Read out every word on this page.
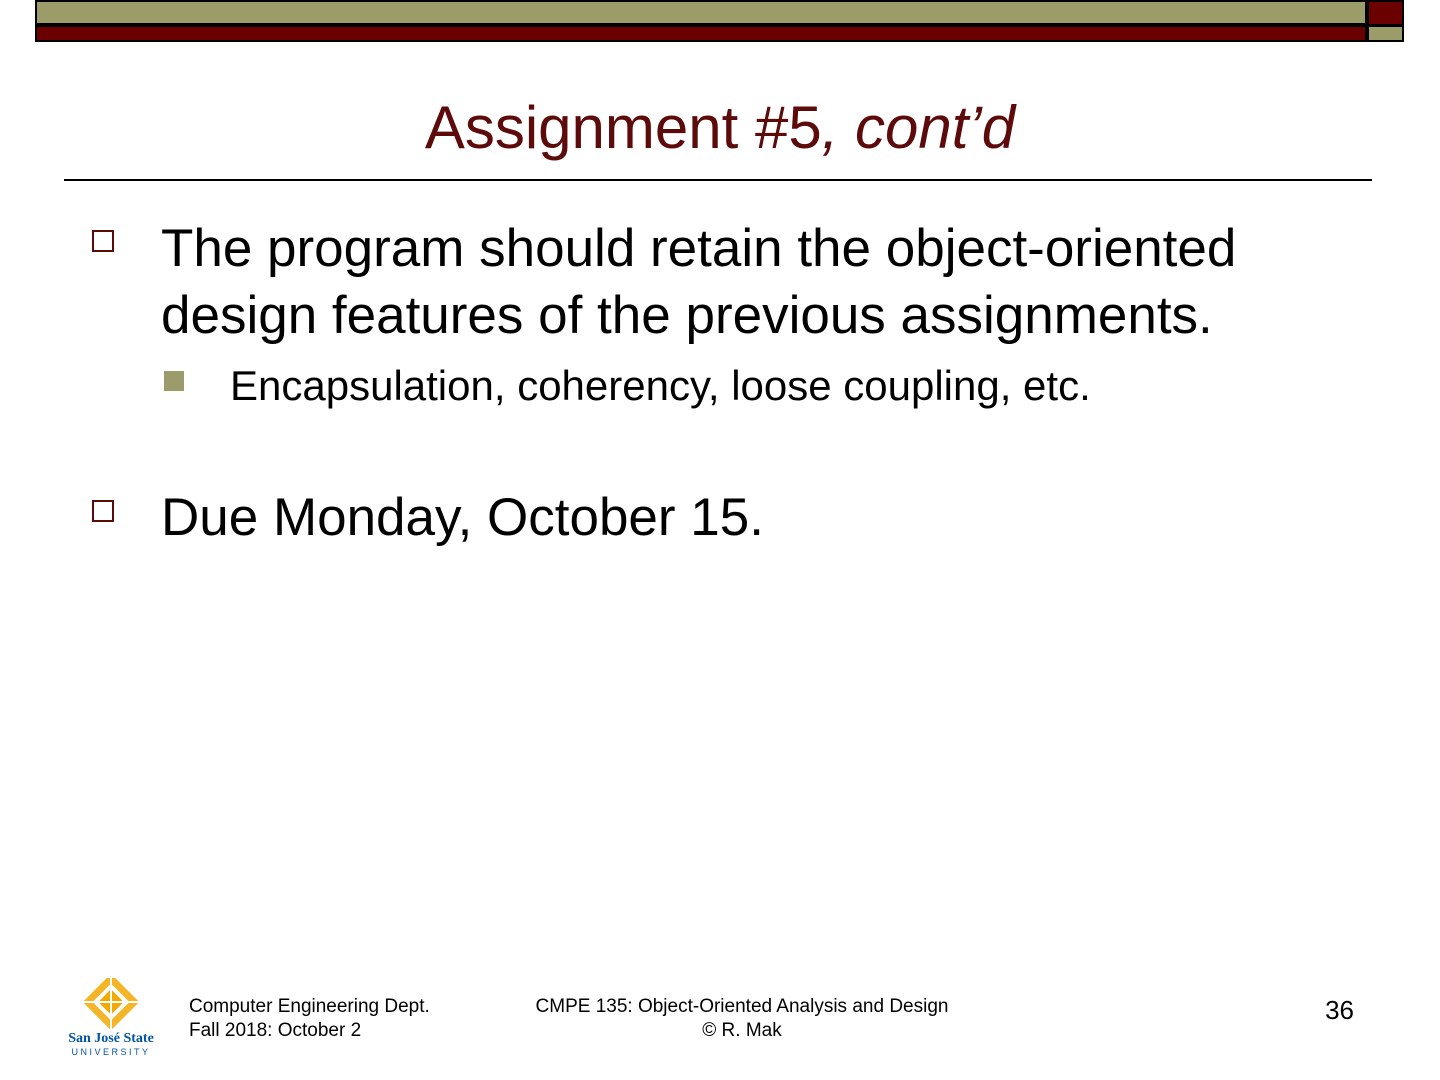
Assignment #5, cont’d
The program should retain the object-oriented
design features of the previous assignments.
Encapsulation, coherency, loose coupling, etc.
Due Monday, October 15.
San José State
UNIVERSITY
Computer Engineering Dept.
Fall 2018: October 2
CMPE 135: Object-Oriented Analysis and Design
© R. Mak
36
